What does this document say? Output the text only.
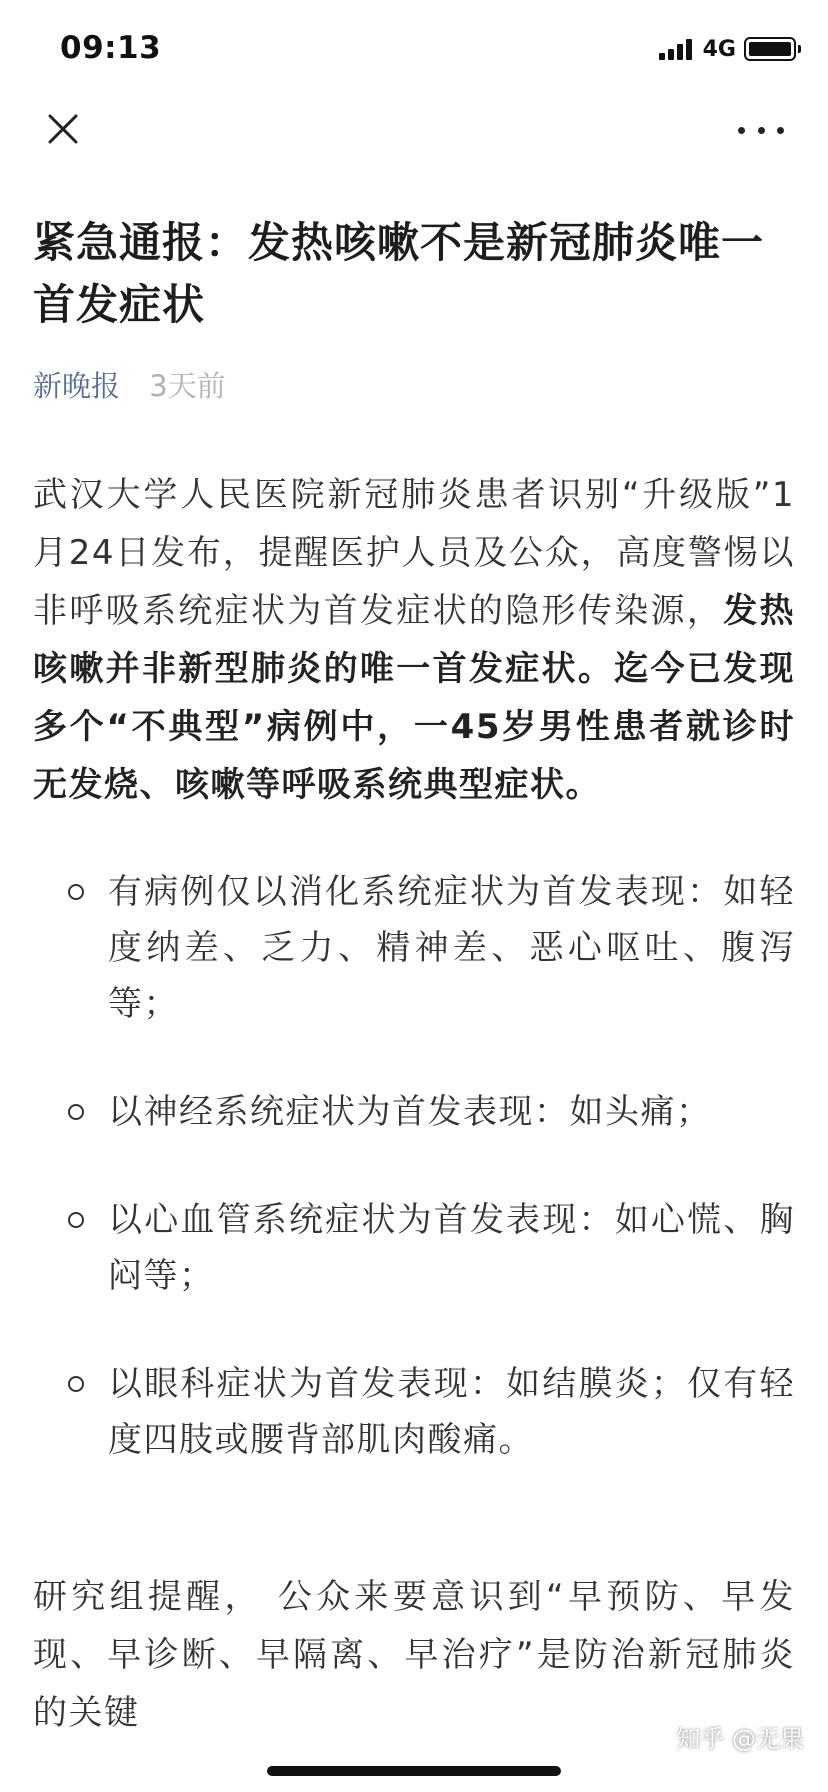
09:13	4G
紧急通报：发热咳嗽不是新冠肺炎唯一首发症状
新晚报 3天前

武汉大学人民医院新冠肺炎患者识别“升级版”1月24日发布，提醒医护人员及公众，高度警惕以非呼吸系统症状为首发症状的隐形传染源，发热咳嗽并非新型肺炎的唯一首发症状。迄今已发现多个“不典型”病例中，一45岁男性患者就诊时无发烧、咳嗽等呼吸系统典型症状。

有病例仅以消化系统症状为首发表现：如轻度纳差、乏力、精神差、恶心呕吐、腹泻等；
以神经系统症状为首发表现：如头痛；
以心血管系统症状为首发表现：如心慌、胸闷等；
以眼科症状为首发表现：如结膜炎；仅有轻度四肢或腰背部肌肉酸痛。

研究组提醒， 公众来要意识到“早预防、早发现、早诊断、早隔离、早治疗”是防治新冠肺炎的关键

知乎 @无果
